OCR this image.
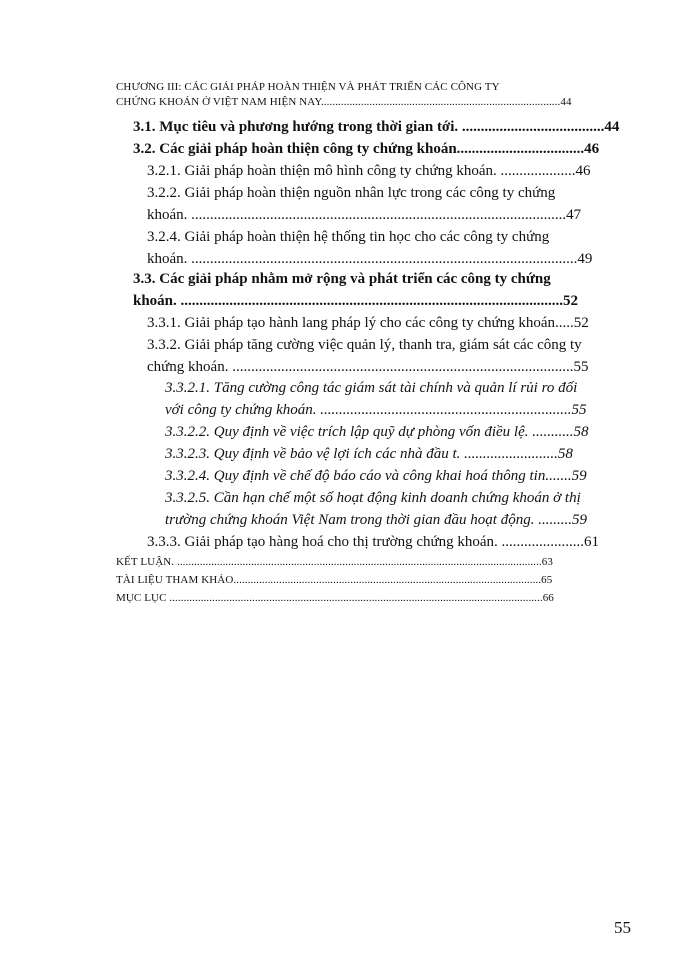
CHƯƠNG III: CÁC GIẢI PHÁP HOÀN THIỆN VÀ PHÁT TRIỂN CÁC CÔNG TY
CHỨNG KHOÁN Ở VIỆT NAM HIỆN NAY....................................................................................44
3.1. Mục tiêu và phương hướng trong thời gian tới. ......................................44
3.2. Các giải pháp hoàn thiện công ty chứng khoán..................................46
3.2.1. Giải pháp hoàn thiện mô hình công ty chứng khoán. ....................46
3.2.2. Giải pháp hoàn thiện nguồn nhân lực trong các công ty chứng
khoán. ....................................................................................................47
3.2.4. Giải pháp hoàn thiện hệ thống tin học cho các công ty chứng
khoán. .......................................................................................................49
3.3. Các giải pháp nhằm mở rộng và phát triển các công ty chứng
khoán. ......................................................................................................52
3.3.1. Giải pháp tạo hành lang pháp lý cho các công ty chứng khoán.....52
3.3.2. Giải pháp tăng cường việc quản lý, thanh tra, giám sát các công ty
chứng khoán. ...........................................................................................55
3.3.2.1. Tăng cường công tác giám sát tài chính và quản lí rủi ro đối
với công ty chứng khoán. ...................................................................55
3.3.2.2. Quy định về việc trích lập quỹ dự phòng vốn điều lệ. ...........58
3.3.2.3. Quy định về bảo vệ lợi ích các nhà đầu t. .........................58
3.3.2.4. Quy định về chế độ báo cáo và công khai hoá thông tin.......59
3.3.2.5. Cần hạn chế một số hoạt động kinh doanh chứng khoán ở thị
trường chứng khoán Việt Nam trong thời gian đầu hoạt động. .........59
3.3.3. Giải pháp tạo hàng hoá cho thị trường chứng khoán. ......................61
KẾT LUẬN. ................................................................................................................................63
TÀI LIỆU THAM KHẢO............................................................................................................65
MỤC LỤC ...................................................................................................................................66
55
